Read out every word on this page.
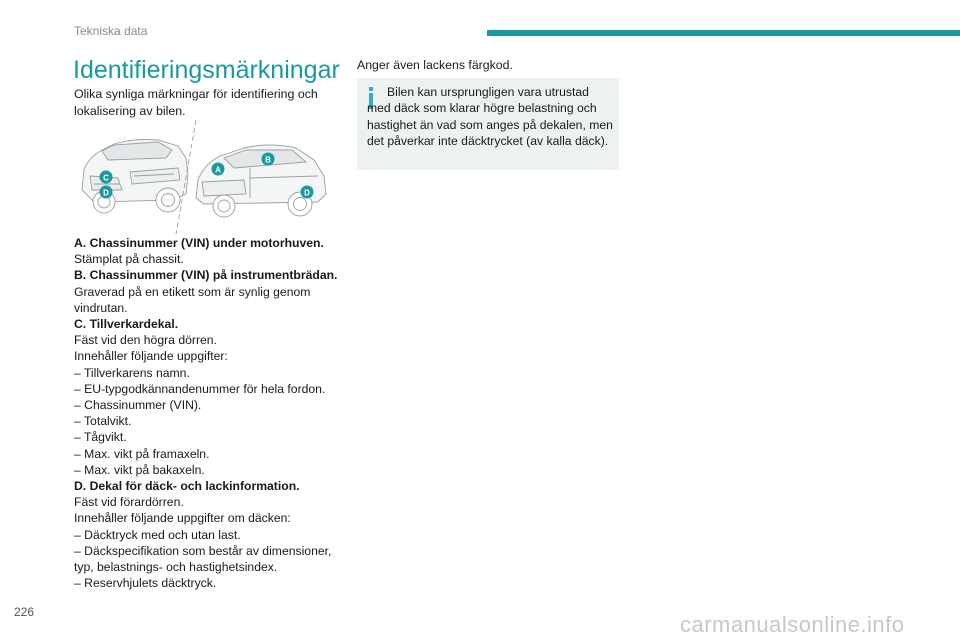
Tekniska data
Identifieringsmärkningar

Olika synliga märkningar för identifiering och lokalisering av bilen.

A
B
C
D	D
A. Chassinummer (VIN) under motorhuven.
Stämplat på chassit.
B. Chassinummer (VIN) på instrumentbrädan.
Graverad på en etikett som är synlig genom vindrutan.
C. Tillverkardekal.
Fäst vid den högra dörren.
Innehåller följande uppgifter:
– Tillverkarens namn.
– EU-typgodkännandenummer för hela fordon.
– Chassinummer (VIN).
– Totalvikt.
– Tågvikt.
– Max. vikt på framaxeln.
– Max. vikt på bakaxeln.
D. Dekal för däck- och lackinformation.
Fäst vid förardörren.
Innehåller följande uppgifter om däcken:
– Däcktryck med och utan last.
– Däckspecifikation som består av dimensioner, typ, belastnings- och hastighetsindex.
– Reservhjulets däcktryck.
Anger även lackens färgkod.

Bilen kan ursprungligen vara utrustad med däck som klarar högre belastning och hastighet än vad som anges på dekalen, men det påverkar inte däcktrycket (av kalla däck).

226	carmanualsonline.info
